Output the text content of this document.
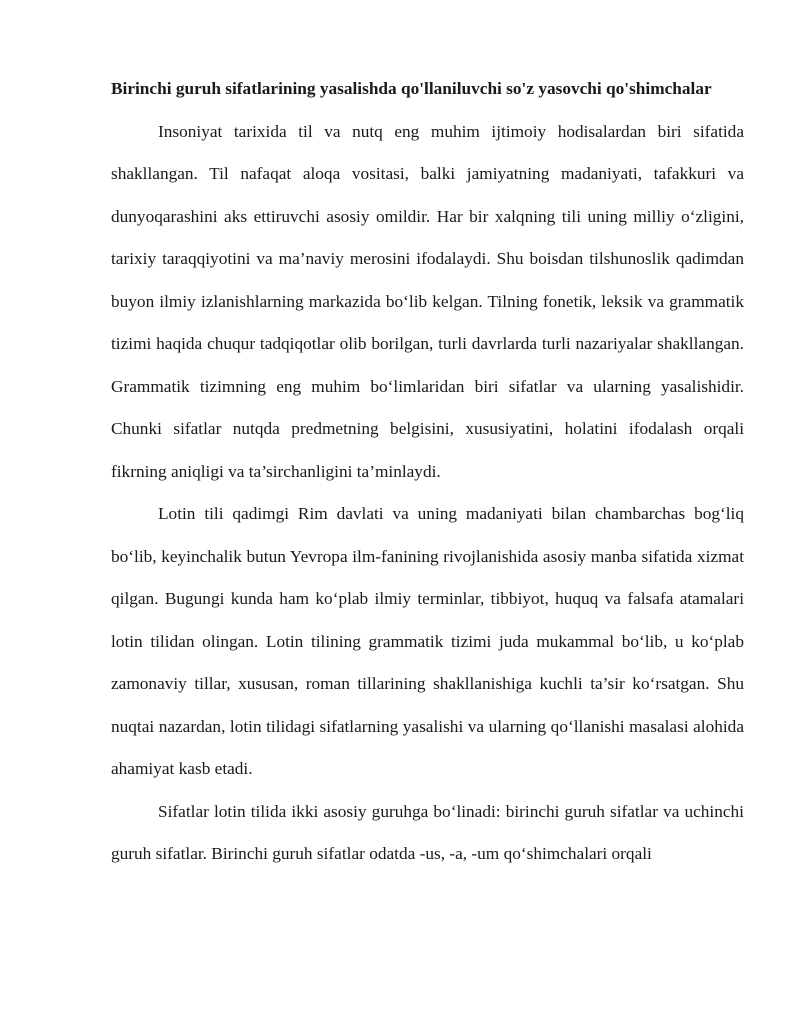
Birinchi guruh sifatlarining yasalishda qo'llaniluvchi so'z yasovchi qo'shimchalar

Insoniyat tarixida til va nutq eng muhim ijtimoiy hodisalardan biri sifatida shakllangan. Til nafaqat aloqa vositasi, balki jamiyatning madaniyati, tafakkuri va dunyoqarashini aks ettiruvchi asosiy omildir. Har bir xalqning tili uning milliy o‘zligini, tarixiy taraqqiyotini va ma’naviy merosini ifodalaydi. Shu boisdan tilshunoslik qadimdan buyon ilmiy izlanishlarning markazida bo‘lib kelgan. Tilning fonetik, leksik va grammatik tizimi haqida chuqur tadqiqotlar olib borilgan, turli davrlarda turli nazariyalar shakllangan. Grammatik tizimning eng muhim bo‘limlaridan biri sifatlar va ularning yasalishidir. Chunki sifatlar nutqda predmetning belgisini, xususiyatini, holatini ifodalash orqali fikrning aniqligi va ta’sirchanligini ta’minlaydi.

Lotin tili qadimgi Rim davlati va uning madaniyati bilan chambarchas bog‘liq bo‘lib, keyinchalik butun Yevropa ilm-fanining rivojlanishida asosiy manba sifatida xizmat qilgan. Bugungi kunda ham ko‘plab ilmiy terminlar, tibbiyot, huquq va falsafa atamalari lotin tilidan olingan. Lotin tilining grammatik tizimi juda mukammal bo‘lib, u ko‘plab zamonaviy tillar, xususan, roman tillarining shakllanishiga kuchli ta’sir ko‘rsatgan. Shu nuqtai nazardan, lotin tilidagi sifatlarning yasalishi va ularning qo‘llanishi masalasi alohida ahamiyat kasb etadi.

Sifatlar lotin tilida ikki asosiy guruhga bo‘linadi: birinchi guruh sifatlar va uchinchi guruh sifatlar. Birinchi guruh sifatlar odatda -us, -a, -um qo‘shimchalari orqali
